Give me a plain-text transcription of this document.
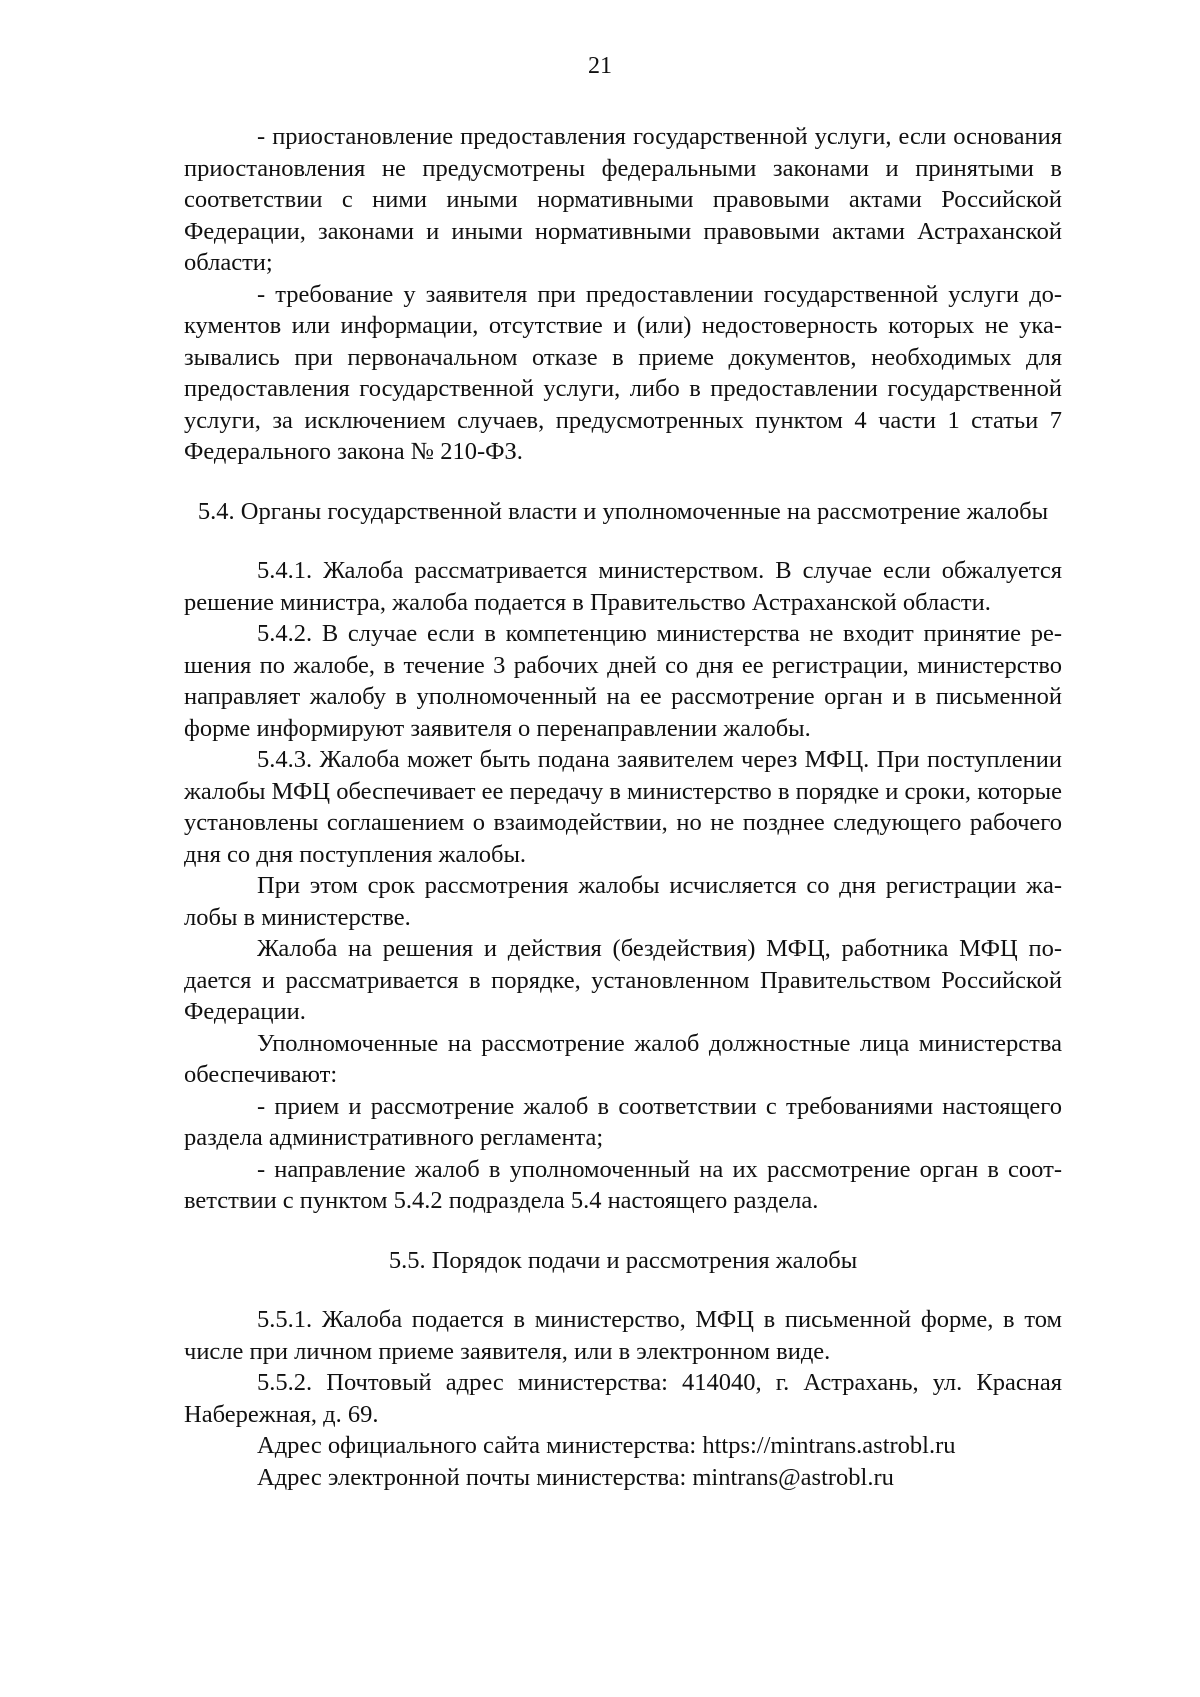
21

- приостановление предоставления государственной услуги, если основания приостановления не предусмотрены федеральными законами и принятыми в соответствии с ними иными нормативными правовыми актами Российской Федерации, законами и иными нормативными правовыми актами Астраханской области;

- требование у заявителя при предоставлении государственной услуги документов или информации, отсутствие и (или) недостоверность которых не указывались при первоначальном отказе в приеме документов, необходимых для предоставления государственной услуги, либо в предоставлении государственной услуги, за исключением случаев, предусмотренных пунктом 4 части 1 статьи 7 Федерального закона № 210-ФЗ.

5.4. Органы государственной власти и уполномоченные на рассмотрение жалобы

5.4.1. Жалоба рассматривается министерством. В случае если обжалуется решение министра, жалоба подается в Правительство Астраханской области.

5.4.2. В случае если в компетенцию министерства не входит принятие решения по жалобе, в течение 3 рабочих дней со дня ее регистрации, министерство направляет жалобу в уполномоченный на ее рассмотрение орган и в письменной форме информируют заявителя о перенаправлении жалобы.

5.4.3. Жалоба может быть подана заявителем через МФЦ. При поступлении жалобы МФЦ обеспечивает ее передачу в министерство в порядке и сроки, которые установлены соглашением о взаимодействии, но не позднее следующего рабочего дня со дня поступления жалобы.

При этом срок рассмотрения жалобы исчисляется со дня регистрации жалобы в министерстве.

Жалоба на решения и действия (бездействия) МФЦ, работника МФЦ подается и рассматривается в порядке, установленном Правительством Российской Федерации.

Уполномоченные на рассмотрение жалоб должностные лица министерства обеспечивают:

- прием и рассмотрение жалоб в соответствии с требованиями настоящего раздела административного регламента;

- направление жалоб в уполномоченный на их рассмотрение орган в соответствии с пунктом 5.4.2 подраздела 5.4 настоящего раздела.

5.5. Порядок подачи и рассмотрения жалобы

5.5.1. Жалоба подается в министерство, МФЦ в письменной форме, в том числе при личном приеме заявителя, или в электронном виде.

5.5.2. Почтовый адрес министерства: 414040, г. Астрахань, ул. Красная Набережная, д. 69.

Адрес официального сайта министерства: https://mintrans.astrobl.ru

Адрес электронной почты министерства: mintrans@astrobl.ru
